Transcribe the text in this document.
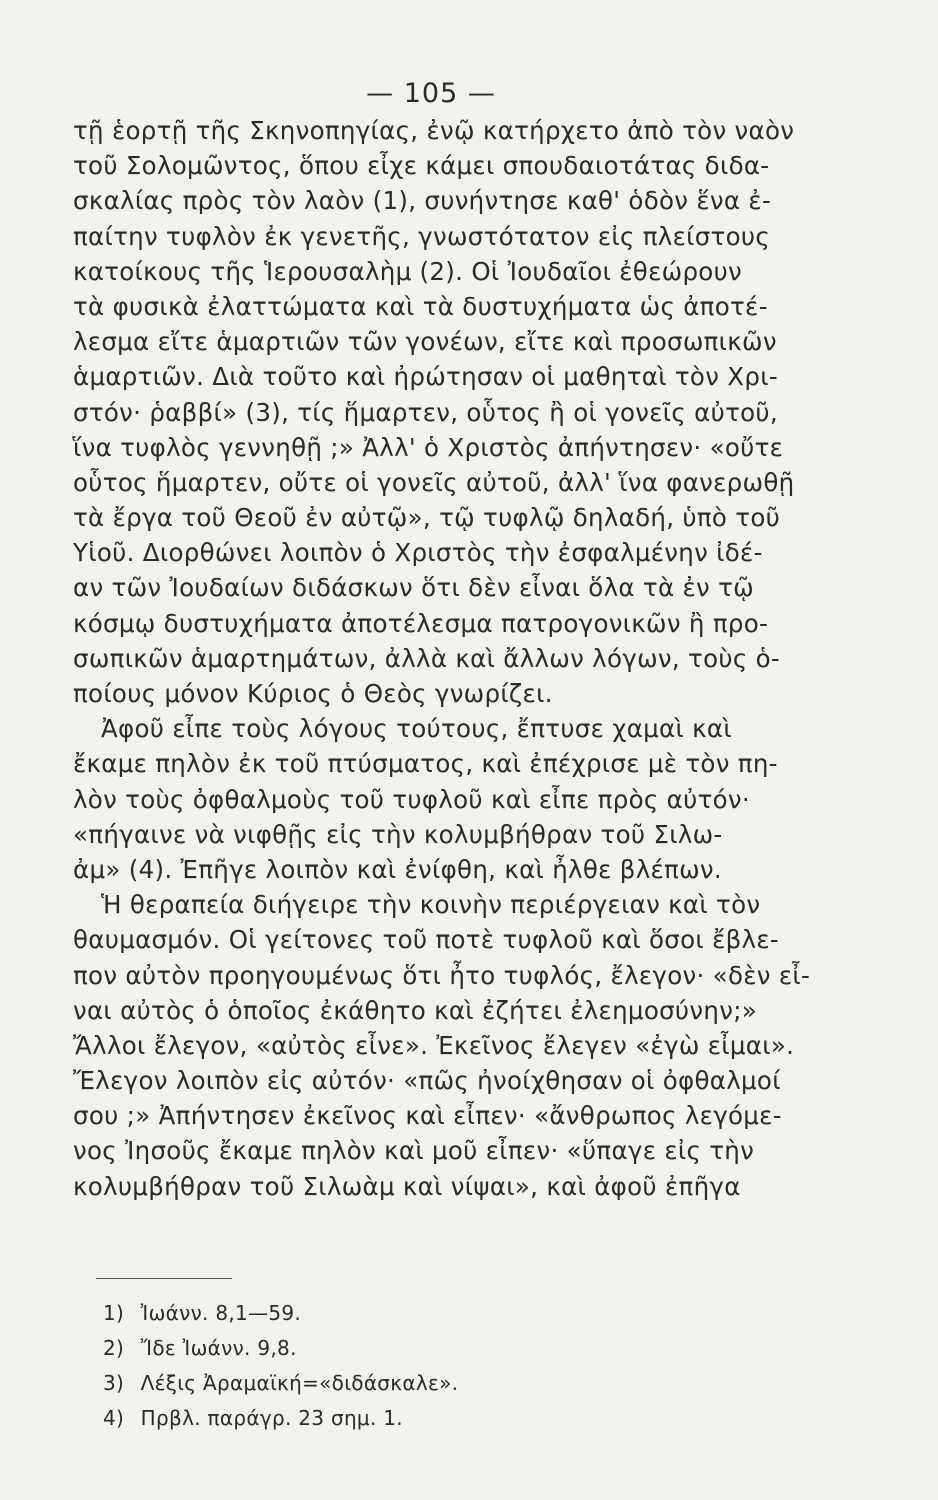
— 105 —
τῇ ἑορτῇ τῆς Σκηνοπηγίας, ἐνῷ κατήρχετο ἀπὸ τὸν ναὸν
τοῦ Σολομῶντος, ὅπου εἶχε κάμει σπουδαιοτάτας διδα-
σκαλίας πρὸς τὸν λαὸν (1), συνήντησε καθ' ὁδὸν ἕνα ἐ-
παίτην τυφλὸν ἐκ γενετῆς, γνωστότατον εἰς πλείστους
κατοίκους τῆς Ἱερουσαλὴμ (2). Οἱ Ἰουδαῖοι ἐθεώρουν
τὰ φυσικὰ ἐλαττώματα καὶ τὰ δυστυχήματα ὡς ἀποτέ-
λεσμα εἴτε ἁμαρτιῶν τῶν γονέων, εἴτε καὶ προσωπικῶν
ἁμαρτιῶν. Διὰ τοῦτο καὶ ἠρώτησαν οἱ μαθηταὶ τὸν Χρι-
στόν· ῥαββί» (3), τίς ἥμαρτεν, οὗτος ἢ οἱ γονεῖς αὐτοῦ,
ἵνα τυφλὸς γεννηθῇ ;» Ἀλλ' ὁ Χριστὸς ἀπήντησεν· «οὔτε
οὗτος ἥμαρτεν, οὔτε οἱ γονεῖς αὐτοῦ, ἀλλ' ἵνα φανερωθῇ
τὰ ἔργα τοῦ Θεοῦ ἐν αὐτῷ», τῷ τυφλῷ δηλαδή, ὑπὸ τοῦ
Υἱοῦ. Διορθώνει λοιπὸν ὁ Χριστὸς τὴν ἐσφαλμένην ἰδέ-
αν τῶν Ἰουδαίων διδάσκων ὅτι δὲν εἶναι ὅλα τὰ ἐν τῷ
κόσμῳ δυστυχήματα ἀποτέλεσμα πατρογονικῶν ἢ προ-
σωπικῶν ἁμαρτημάτων, ἀλλὰ καὶ ἄλλων λόγων, τοὺς ὁ-
ποίους μόνον Κύριος ὁ Θεὸς γνωρίζει.
Ἀφοῦ εἶπε τοὺς λόγους τούτους, ἔπτυσε χαμαὶ καὶ
ἔκαμε πηλὸν ἐκ τοῦ πτύσματος, καὶ ἐπέχρισε μὲ τὸν πη-
λὸν τοὺς ὀφθαλμοὺς τοῦ τυφλοῦ καὶ εἶπε πρὸς αὐτόν·
«πήγαινε νὰ νιφθῇς εἰς τὴν κολυμβήθραν τοῦ Σιλω-
ἀμ» (4). Ἐπῆγε λοιπὸν καὶ ἐνίφθη, καὶ ἦλθε βλέπων.
Ἡ θεραπεία διήγειρε τὴν κοινὴν περιέργειαν καὶ τὸν
θαυμασμόν. Οἱ γείτονες τοῦ ποτὲ τυφλοῦ καὶ ὅσοι ἔβλε-
πον αὐτὸν προηγουμένως ὅτι ἦτο τυφλός, ἔλεγον· «δὲν εἶ-
ναι αὐτὸς ὁ ὁποῖος ἐκάθητο καὶ ἐζήτει ἐλεημοσύνην;»
Ἄλλοι ἔλεγον, «αὐτὸς εἶνε». Ἐκεῖνος ἔλεγεν «ἐγὼ εἶμαι».
Ἔλεγον λοιπὸν εἰς αὐτόν· «πῶς ἠνοίχθησαν οἱ ὀφθαλμοί
σου ;» Ἀπήντησεν ἐκεῖνος καὶ εἶπεν· «ἄνθρωπος λεγόμε-
νος Ἰησοῦς ἔκαμε πηλὸν καὶ μοῦ εἶπεν· «ὕπαγε εἰς τὴν
κολυμβήθραν τοῦ Σιλωὰμ καὶ νίψαι», καὶ ἀφοῦ ἐπῆγα
1) Ἰωάνν. 8,1—59.
2) Ἴδε Ἰωάνν. 9,8.
3) Λέξις Ἀραμαϊκή=«διδάσκαλε».
4) Πρβλ. παράγρ. 23 σημ. 1.
